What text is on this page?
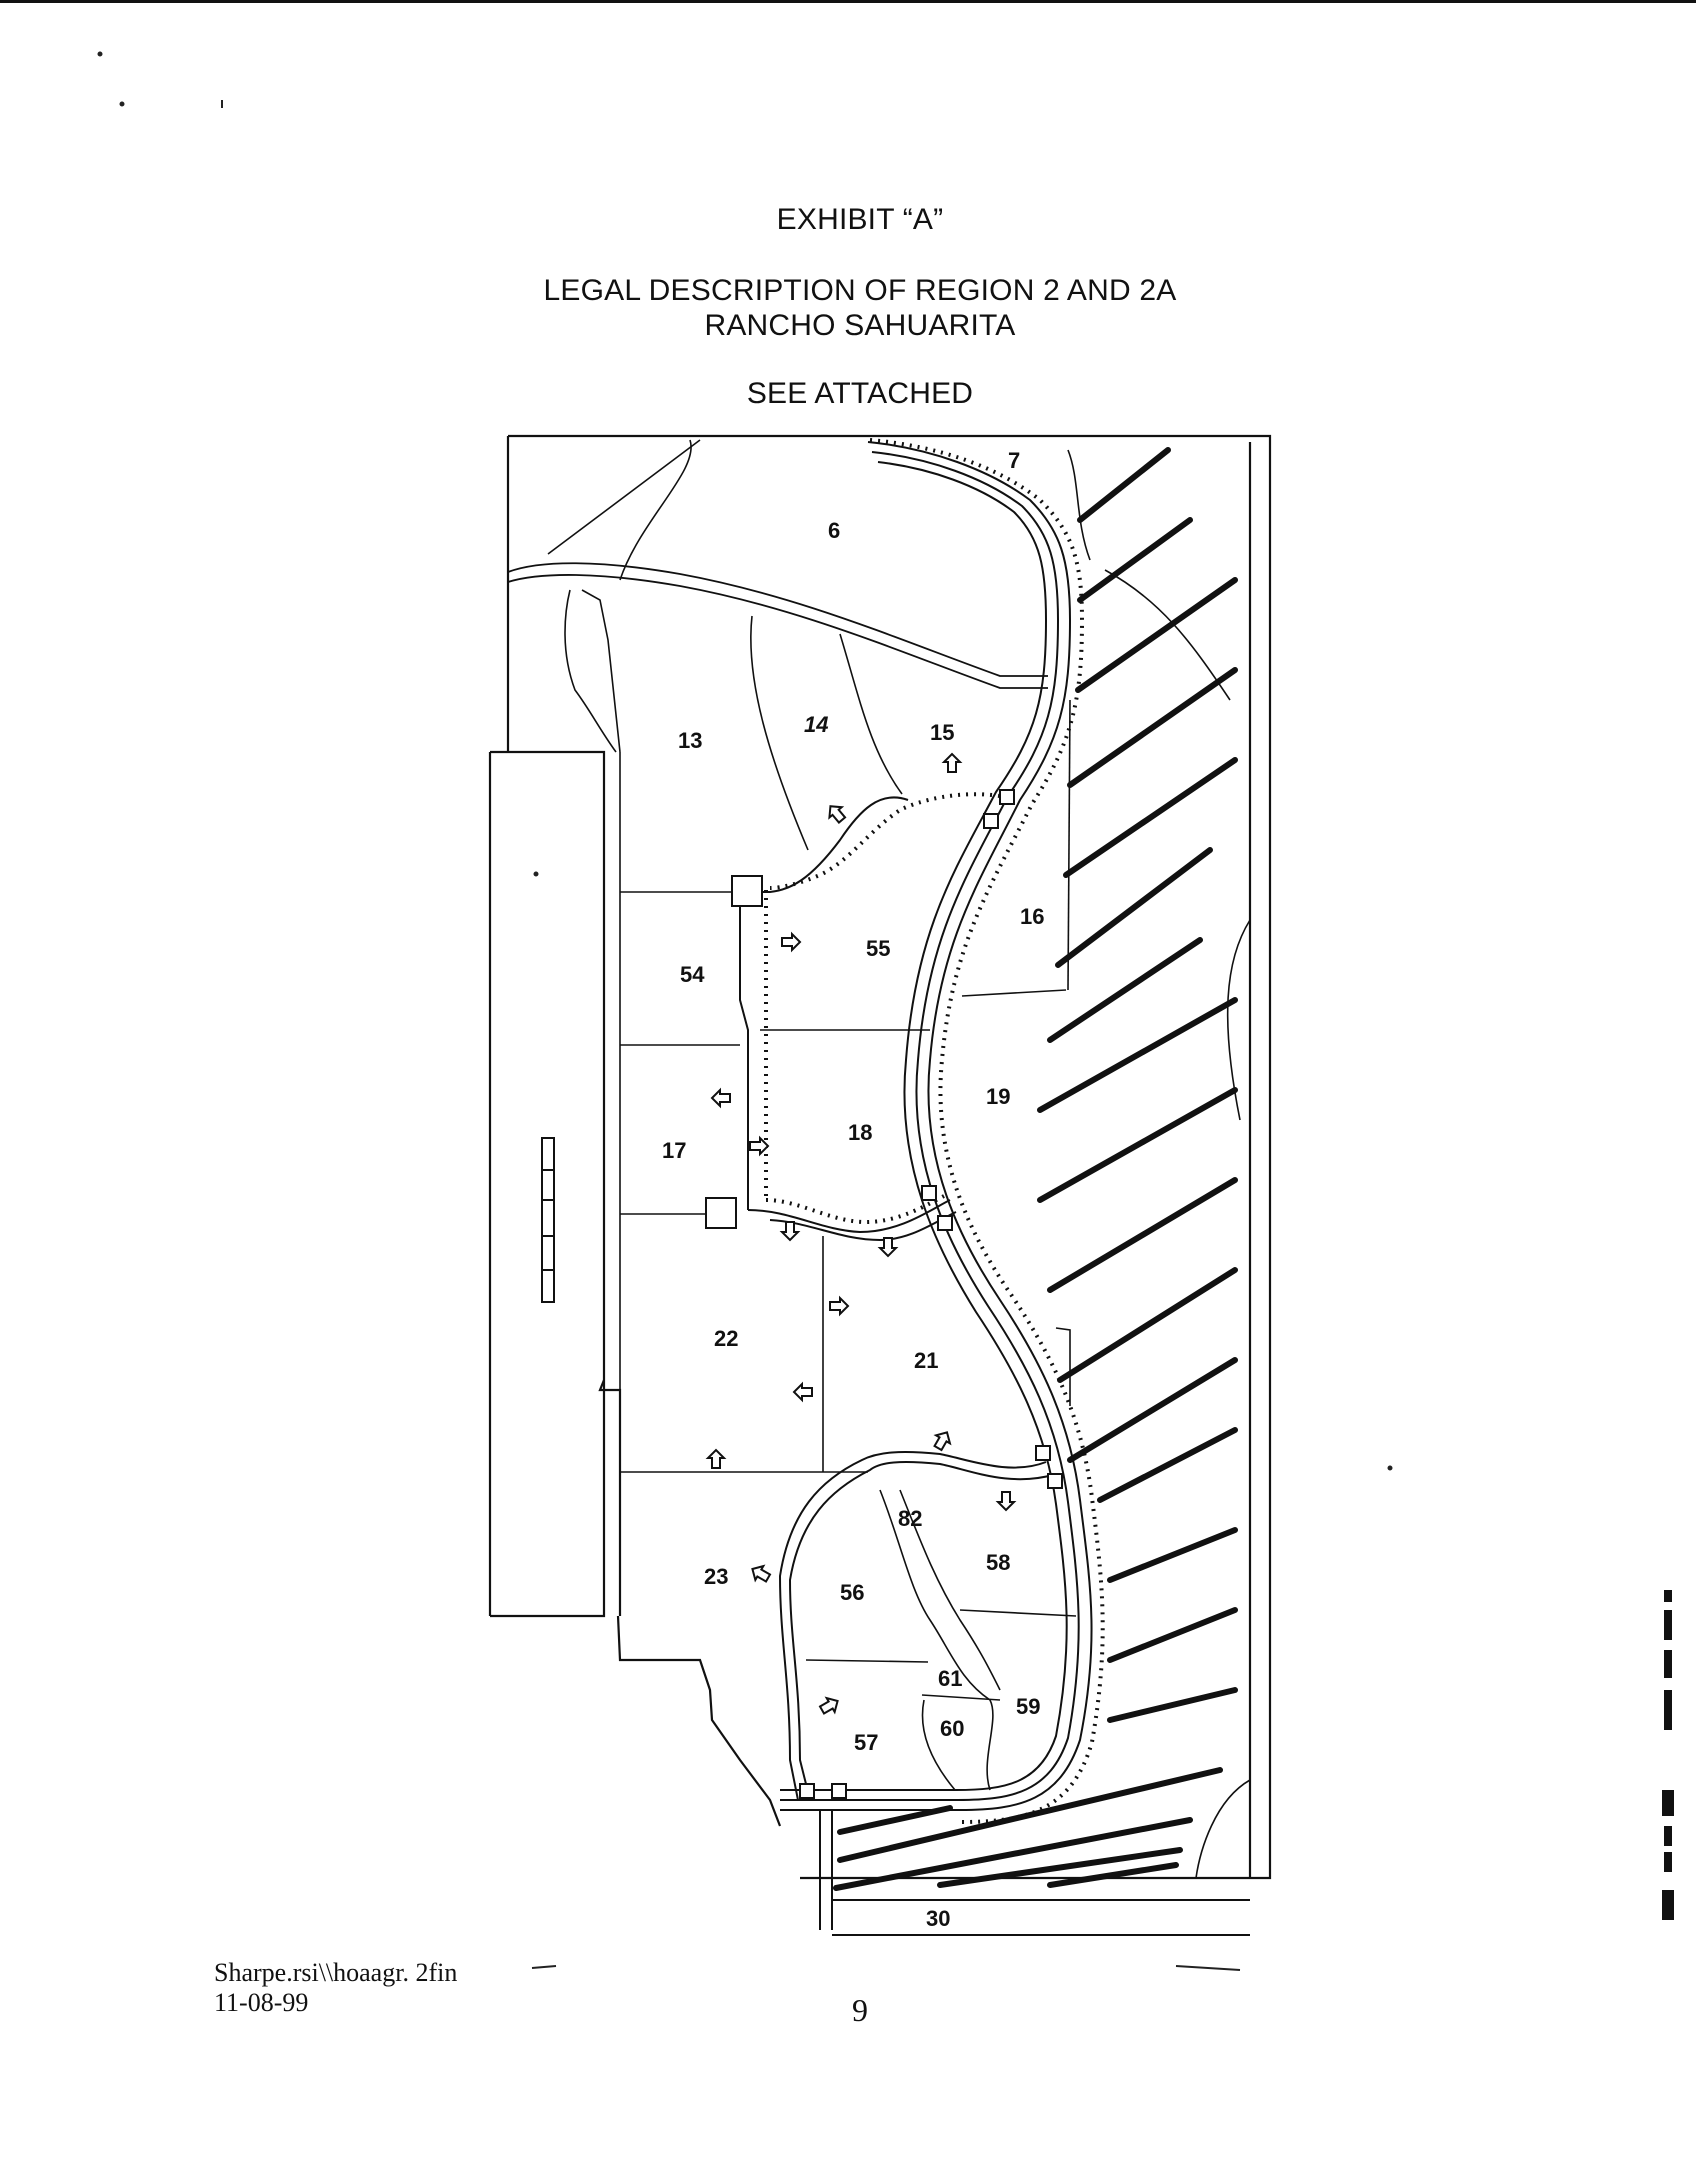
EXHIBIT “A”
LEGAL DESCRIPTION OF REGION 2 AND 2A
RANCHO SAHUARITA
SEE ATTACHED
6
7
13
14	15
16
54
55
17
18
19
22
21
23
82
58
56
61
59
60
57
30
Sharpe.rsi\\hoaagr. 2fin
11-08-99	9
